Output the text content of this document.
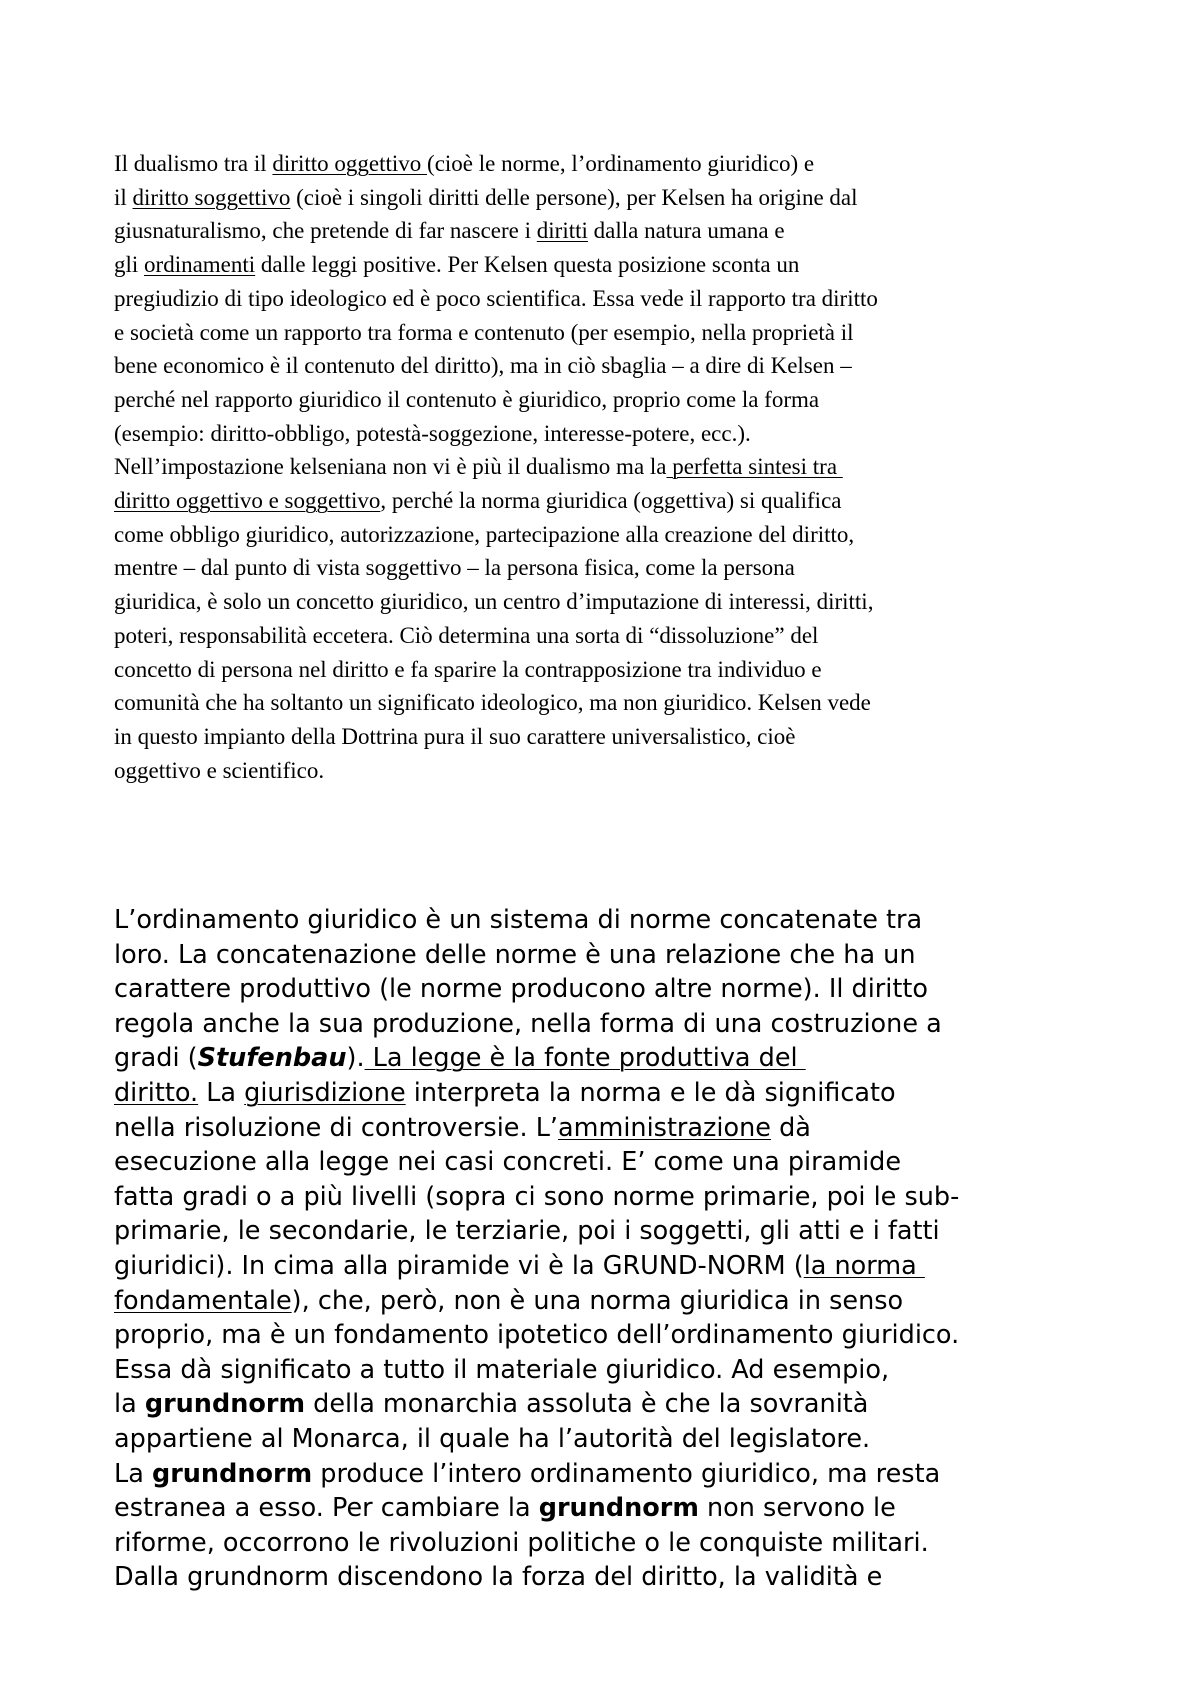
Il dualismo tra il diritto oggettivo (cioè le norme, l’ordinamento giuridico) e
il diritto soggettivo (cioè i singoli diritti delle persone), per Kelsen ha origine dal
giusnaturalismo, che pretende di far nascere i diritti dalla natura umana e
gli ordinamenti dalle leggi positive. Per Kelsen questa posizione sconta un
pregiudizio di tipo ideologico ed è poco scientifica. Essa vede il rapporto tra diritto
e società come un rapporto tra forma e contenuto (per esempio, nella proprietà il
bene economico è il contenuto del diritto), ma in ciò sbaglia – a dire di Kelsen –
perché nel rapporto giuridico il contenuto è giuridico, proprio come la forma
(esempio: diritto-obbligo, potestà-soggezione, interesse-potere, ecc.).
Nell’impostazione kelseniana non vi è più il dualismo ma la perfetta sintesi tra
diritto oggettivo e soggettivo, perché la norma giuridica (oggettiva) si qualifica
come obbligo giuridico, autorizzazione, partecipazione alla creazione del diritto,
mentre – dal punto di vista soggettivo – la persona fisica, come la persona
giuridica, è solo un concetto giuridico, un centro d’imputazione di interessi, diritti,
poteri, responsabilità eccetera. Ciò determina una sorta di “dissoluzione” del
concetto di persona nel diritto e fa sparire la contrapposizione tra individuo e
comunità che ha soltanto un significato ideologico, ma non giuridico. Kelsen vede
in questo impianto della Dottrina pura il suo carattere universalistico, cioè
oggettivo e scientifico.
L’ordinamento giuridico è un sistema di norme concatenate tra
loro. La concatenazione delle norme è una relazione che ha un
carattere produttivo (le norme producono altre norme). Il diritto
regola anche la sua produzione, nella forma di una costruzione a
gradi (Stufenbau). La legge è la fonte produttiva del
diritto. La giurisdizione interpreta la norma e le dà significato
nella risoluzione di controversie. L’amministrazione dà
esecuzione alla legge nei casi concreti. E’ come una piramide
fatta gradi o a più livelli (sopra ci sono norme primarie, poi le sub-
primarie, le secondarie, le terziarie, poi i soggetti, gli atti e i fatti
giuridici). In cima alla piramide vi è la GRUND-NORM (la norma
fondamentale), che, però, non è una norma giuridica in senso
proprio, ma è un fondamento ipotetico dell’ordinamento giuridico.
Essa dà significato a tutto il materiale giuridico. Ad esempio,
la grundnorm della monarchia assoluta è che la sovranità
appartiene al Monarca, il quale ha l’autorità del legislatore.
La grundnorm produce l’intero ordinamento giuridico, ma resta
estranea a esso. Per cambiare la grundnorm non servono le
riforme, occorrono le rivoluzioni politiche o le conquiste militari.
Dalla grundnorm discendono la forza del diritto, la validità e
